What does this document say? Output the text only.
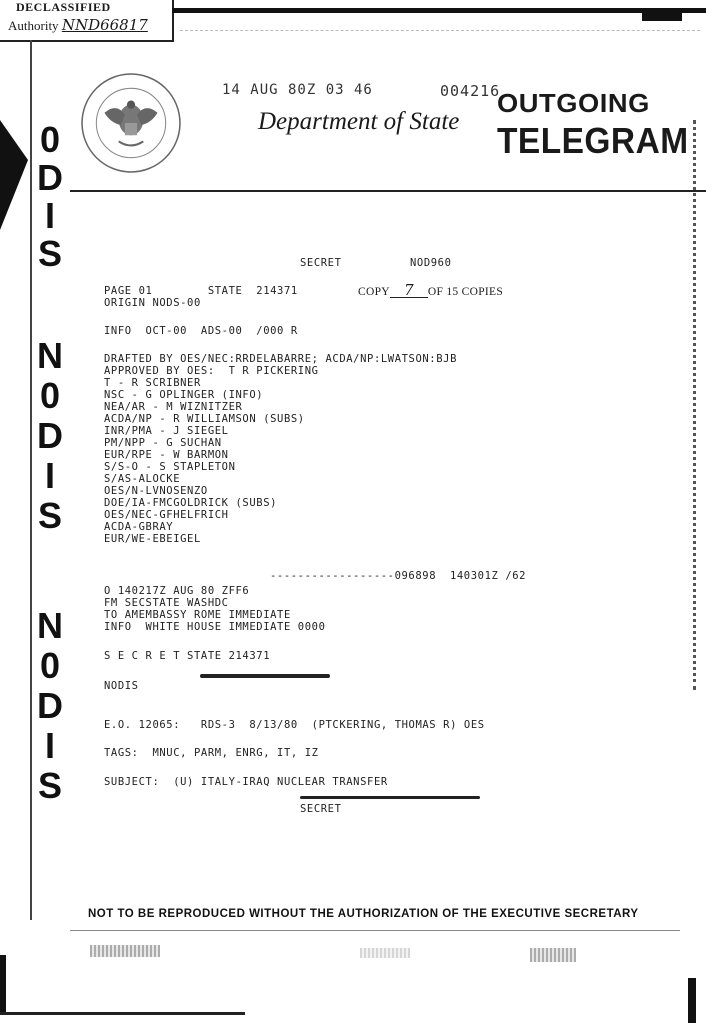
DECLASSIFIED
Authority NND66817
0
D
I
S
N
0
D
I
S
N
0
D
I
S
14 AUG 80Z 03 46	004216
Department of State
OUTGOING
TELEGRAM
SECRET	NOD960
PAGE 01        STATE  214371	COPY 7 OF 15 COPIES
ORIGIN NODS-00
INFO  OCT-00  ADS-00  /000 R
DRAFTED BY OES/NEC:RRDELABARRE; ACDA/NP:LWATSON:BJB
APPROVED BY OES:  T R PICKERING
T - R SCRIBNER
NSC - G OPLINGER (INFO)
NEA/AR - M WIZNITZER
ACDA/NP - R WILLIAMSON (SUBS)
INR/PMA - J SIEGEL
PM/NPP - G SUCHAN
EUR/RPE - W BARMON
S/S-O - S STAPLETON
S/AS-ALOCKE
OES/N-LVNOSENZO
DOE/IA-FMCGOLDRICK (SUBS)
OES/NEC-GFHELFRICH
ACDA-GBRAY
EUR/WE-EBEIGEL
------------------096898  140301Z /62
O 140217Z AUG 80 ZFF6
FM SECSTATE WASHDC
TO AMEMBASSY ROME IMMEDIATE
INFO  WHITE HOUSE IMMEDIATE 0000
S E C R E T STATE 214371
NODIS
E.O. 12065:   RDS-3  8/13/80  (PTCKERING, THOMAS R) OES
TAGS:  MNUC, PARM, ENRG, IT, IZ
SUBJECT:  (U) ITALY-IRAQ NUCLEAR TRANSFER
SECRET
NOT TO BE REPRODUCED WITHOUT THE AUTHORIZATION OF THE EXECUTIVE SECRETARY
